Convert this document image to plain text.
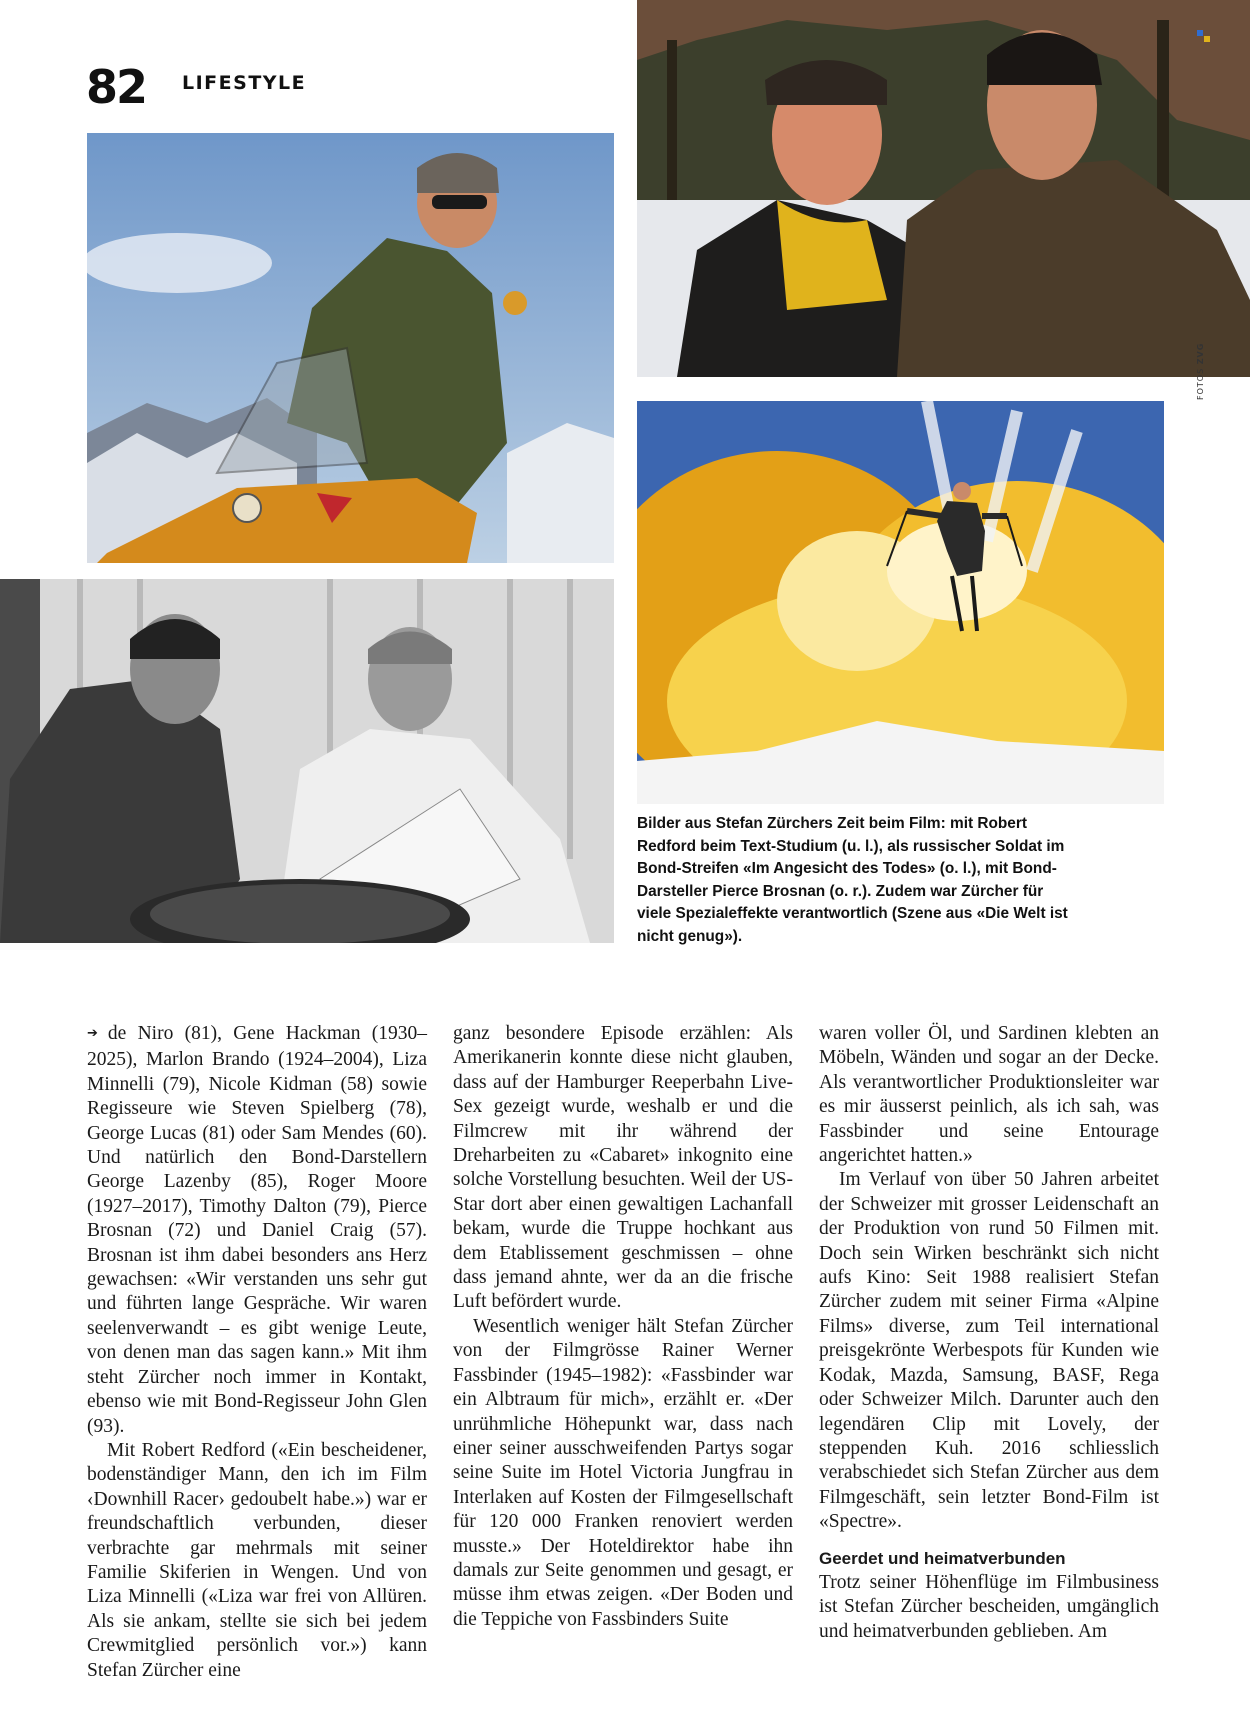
82 LIFESTYLE
FOTOS ZVG

Bilder aus Stefan Zürchers Zeit beim Film: mit Robert Redford beim Text-Studium (u. l.), als russischer Soldat im Bond-Streifen «Im Angesicht des Todes» (o. l.), mit Bond-Darsteller Pierce Brosnan (o. r.). Zudem war Zürcher für viele Spezialeffekte verantwortlich (Szene aus «Die Welt ist nicht genug»).

➔ de Niro (81), Gene Hackman (1930–2025), Marlon Brando (1924–2004), Liza Minnelli (79), Nicole Kidman (58) sowie Regisseure wie Steven Spielberg (78), George Lucas (81) oder Sam Mendes (60). Und natürlich den Bond-Darstellern George Lazenby (85), Roger Moore (1927–2017), Timothy Dalton (79), Pierce Brosnan (72) und Daniel Craig (57). Brosnan ist ihm dabei besonders ans Herz gewachsen: «Wir verstanden uns sehr gut und führten lange Gespräche. Wir waren seelenverwandt – es gibt wenige Leute, von denen man das sagen kann.» Mit ihm steht Zürcher noch immer in Kontakt, ebenso wie mit Bond-Regisseur John Glen (93).

Mit Robert Redford («Ein bescheidener, bodenständiger Mann, den ich im Film ‹Downhill Racer› gedoubelt habe.») war er freundschaftlich verbunden, dieser verbrachte gar mehrmals mit seiner Familie Skiferien in Wengen. Und von Liza Minnelli («Liza war frei von Allüren. Als sie ankam, stellte sie sich bei jedem Crewmitglied persönlich vor.») kann Stefan Zürcher eine

ganz besondere Episode erzählen: Als Amerikanerin konnte diese nicht glauben, dass auf der Hamburger Reeperbahn Live-Sex gezeigt wurde, weshalb er und die Filmcrew mit ihr während der Dreharbeiten zu «Cabaret» inkognito eine solche Vorstellung besuchten. Weil der US-Star dort aber einen gewaltigen Lachanfall bekam, wurde die Truppe hochkant aus dem Etablissement geschmissen – ohne dass jemand ahnte, wer da an die frische Luft befördert wurde.

Wesentlich weniger hält Stefan Zürcher von der Filmgrösse Rainer Werner Fassbinder (1945–1982): «Fassbinder war ein Albtraum für mich», erzählt er. «Der unrühmliche Höhepunkt war, dass nach einer seiner ausschweifenden Partys sogar seine Suite im Hotel Victoria Jungfrau in Interlaken auf Kosten der Filmgesellschaft für 120 000 Franken renoviert werden musste.» Der Hoteldirektor habe ihn damals zur Seite genommen und gesagt, er müsse ihm etwas zeigen. «Der Boden und die Teppiche von Fassbinders Suite

waren voller Öl, und Sardinen klebten an Möbeln, Wänden und sogar an der Decke. Als verantwortlicher Produktionsleiter war es mir äusserst peinlich, als ich sah, was Fassbinder und seine Entourage angerichtet hatten.»

Im Verlauf von über 50 Jahren arbeitet der Schweizer mit grosser Leidenschaft an der Produktion von rund 50 Filmen mit. Doch sein Wirken beschränkt sich nicht aufs Kino: Seit 1988 realisiert Stefan Zürcher zudem mit seiner Firma «Alpine Films» diverse, zum Teil international preisgekrönte Werbespots für Kunden wie Kodak, Mazda, Samsung, BASF, Rega oder Schweizer Milch. Darunter auch den legendären Clip mit Lovely, der steppenden Kuh. 2016 schliesslich verabschiedet sich Stefan Zürcher aus dem Filmgeschäft, sein letzter Bond-Film ist «Spectre».

Geerdet und heimatverbunden

Trotz seiner Höhenflüge im Filmbusiness ist Stefan Zürcher bescheiden, umgänglich und heimatverbunden geblieben. Am
